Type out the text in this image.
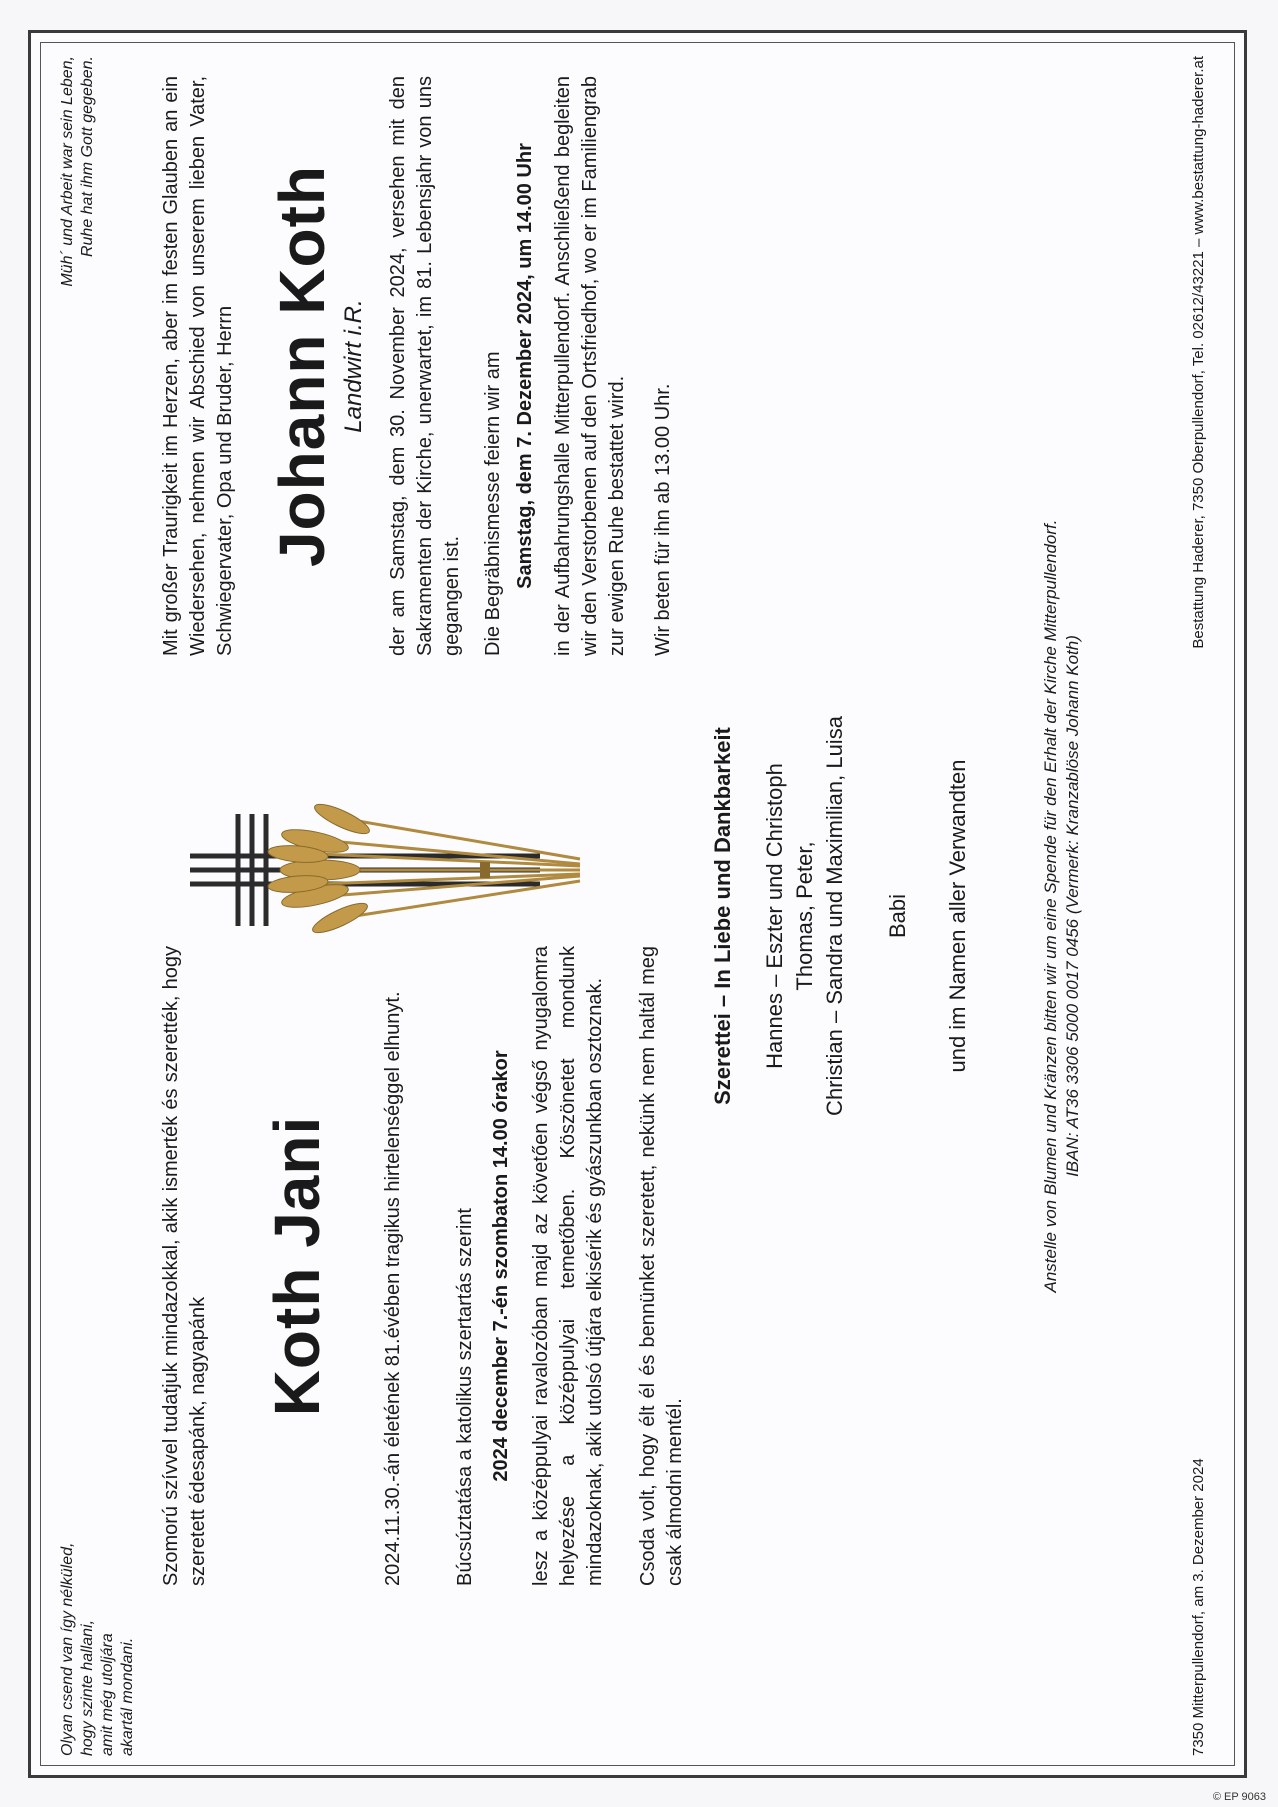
Olyan csend van így nélküled, hogy szinte hallani, amit még utoljára akartál mondani.
Müh´ und Arbeit war sein Leben, Ruhe hat ihm Gott gegeben.
Szomorú szívvel tudatjuk mindazokkal, akik ismerték és szerették, hogy szeretett édesapánk, nagyapánk
Koth Jani 2024.11.30.-án életének 81.évében tragikus hirtelenséggel elhunyt.	Búcsúztatása a katolikus szertartás szerint 2024 december 7.-én szombaton 14.00 órakor lesz a középpulyai ravalozóban majd az követően végső nyugalomra helyezése a középpulyai temetőben. Köszönetet mondunk mindazoknak, akik utolsó útjára elkisérik és gyászunkban osztoznak. Csoda volt, hogy élt él és bennünket szeretett, nekünk nem haltál meg csak álmodni mentél.
Mit großer Traurigkeit im Herzen, aber im festen Glauben an ein Wiedersehen, nehmen wir Abschied von unserem lieben Vater, Schwiegervater, Opa und Bruder, Herrn Johann Koth Landwirt i.R. der am Samstag, dem 30. November 2024, versehen mit den Sakramenten der Kirche, unerwartet, im 81. Lebensjahr von uns gegangen ist. Die Begräbnismesse feiern wir am Samstag, dem 7. Dezember 2024, um 14.00 Uhr in der Aufbahrungshalle Mitterpullendorf. Anschließend begleiten wir den Verstorbenen auf den Ortsfriedhof, wo er im Familiengrab zur ewigen Ruhe bestattet wird. Wir beten für ihn ab 13.00 Uhr.
Szerettei – In Liebe und Dankbarkeit Hannes – Eszter und Christoph Thomas, Peter, Christian – Sandra und Maximilian, Luisa Babi und im Namen aller Verwandten	Anstelle von Blumen und Kränzen bitten wir um eine Spende für den Erhalt der Kirche Mitterpullendorf. IBAN: AT36 3306 5000 0017 0456 (Vermerk: Kranzablöse Johann Koth)
7350 Mitterpullendorf, am 3. Dezember 2024
Bestattung Haderer, 7350 Oberpullendorf, Tel. 02612/43221 – www.bestattung-haderer.at
© EP 9063
